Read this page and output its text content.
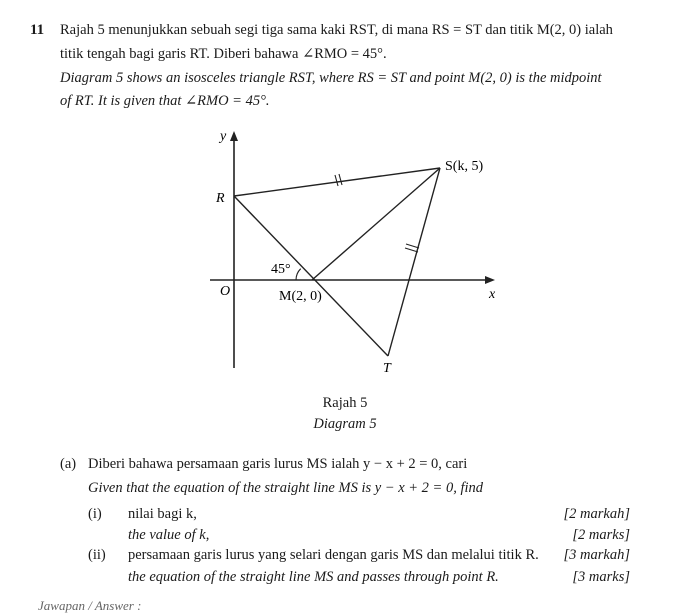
11 Rajah 5 menunjukkan sebuah segi tiga sama kaki RST, di mana RS = ST dan titik M(2, 0) ialah
titik tengah bagi garis RT. Diberi bahawa ∠RMO = 45°.
Diagram 5 shows an isosceles triangle RST, where RS = ST and point M(2, 0) is the midpoint
of RT. It is given that ∠RMO = 45°.
y
x
O
R
S(k, 5)
T
M(2, 0)
45°
Rajah 5
Diagram 5
(a) Diberi bahawa persamaan garis lurus MS ialah y − x + 2 = 0, cari
Given that the equation of the straight line MS is y − x + 2 = 0, find
(i) nilai bagi k,
the value of k,
[2 markah]
[2 marks]
(ii) persamaan garis lurus yang selari dengan garis MS dan melalui titik R.
the equation of the straight line MS and passes through point R.
[3 markah]
[3 marks]
Jawapan / Answer :
